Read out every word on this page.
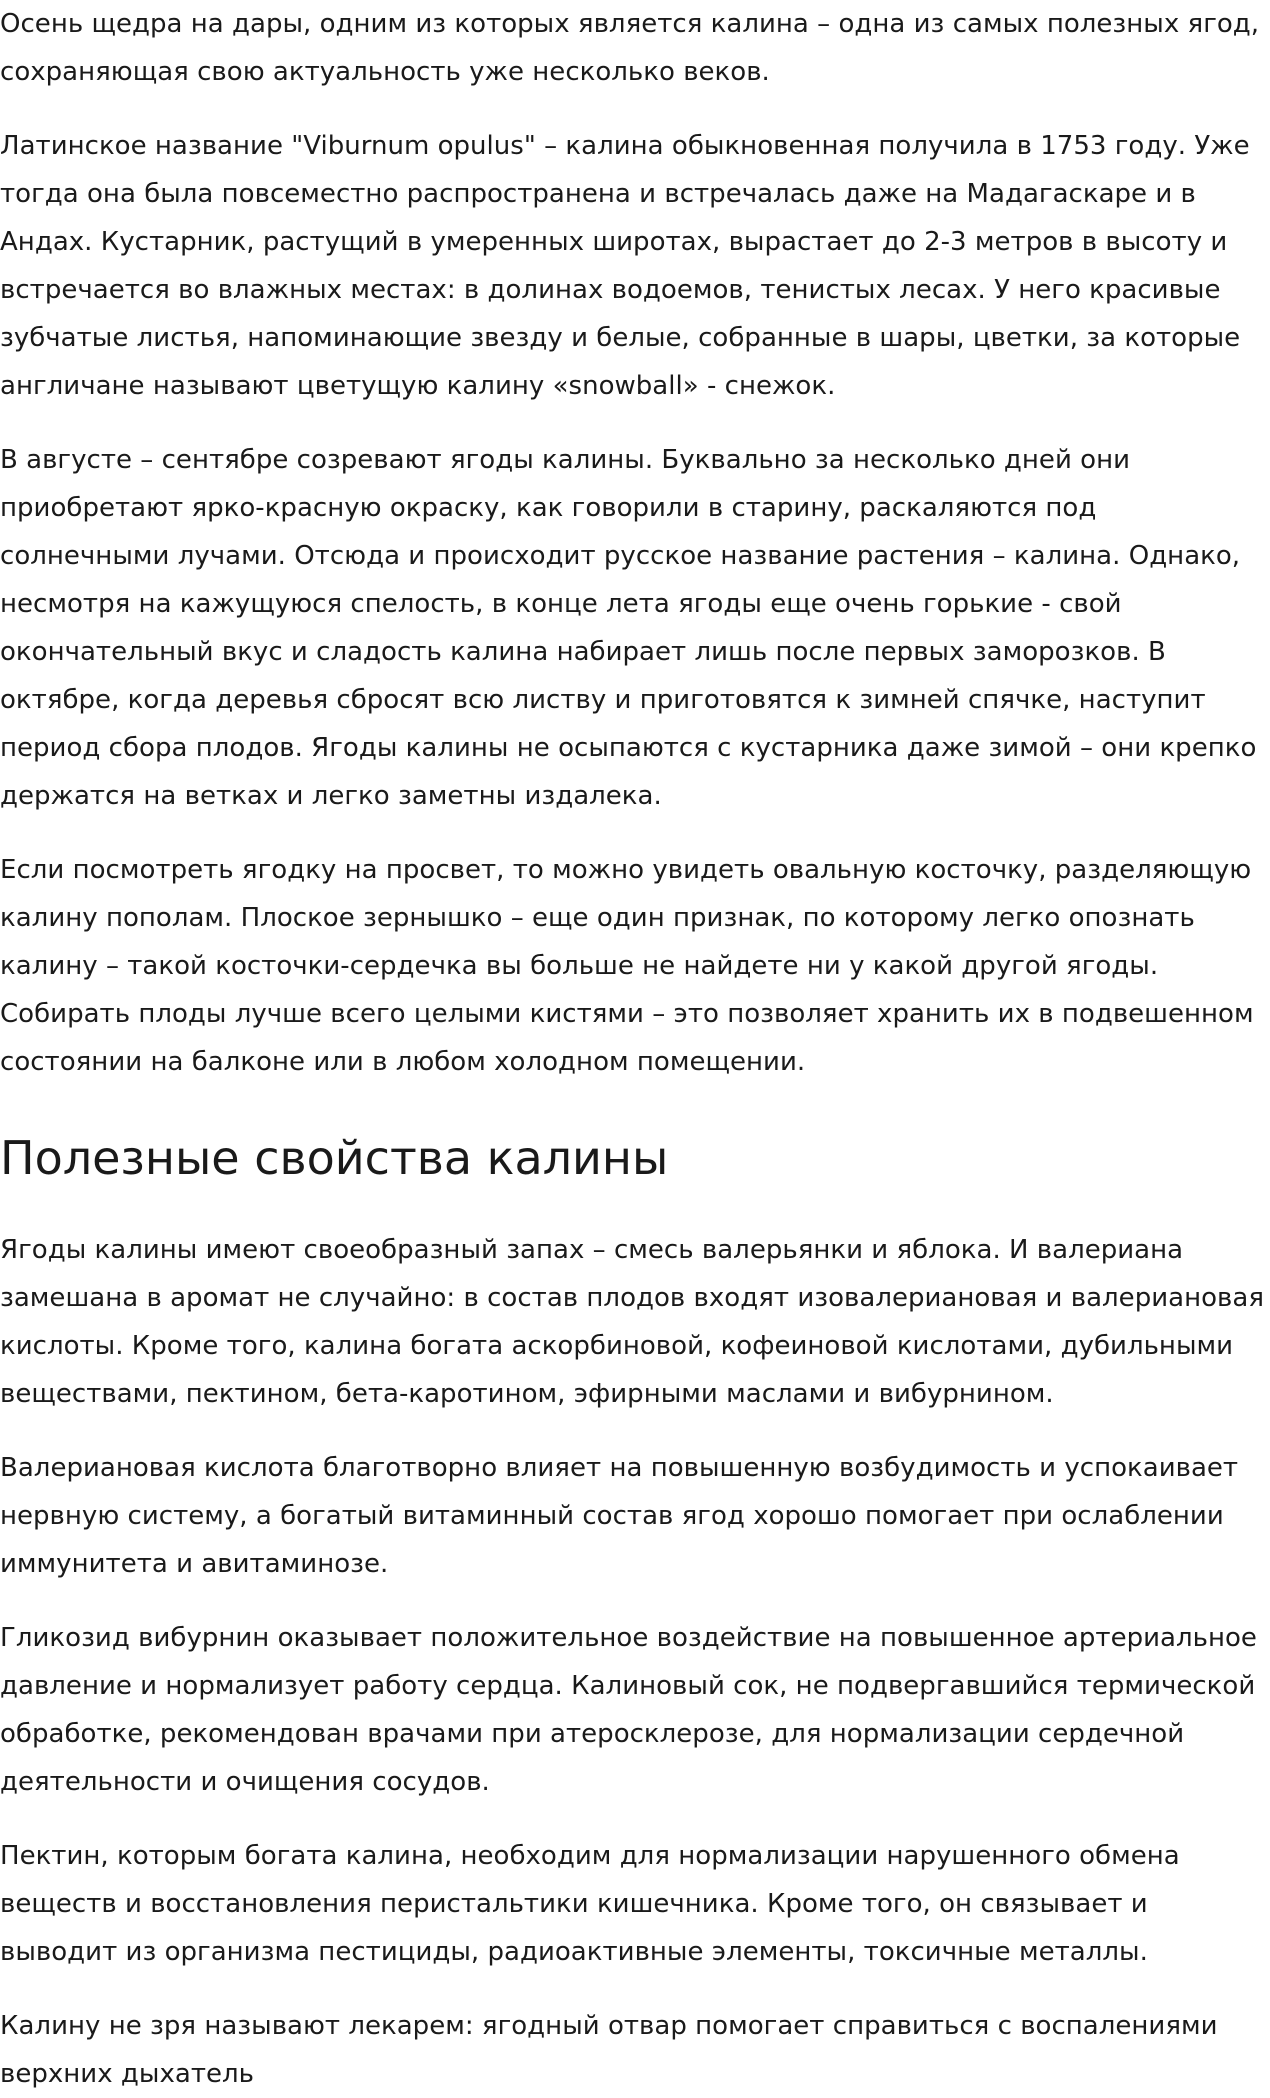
Осень щедра на дары, одним из которых является калина – одна из самых полезных ягод, сохраняющая свою актуальность уже несколько веков.

Латинское название "Viburnum opulus" – калина обыкновенная получила в 1753 году. Уже тогда она была повсеместно распространена и встречалась даже на Мадагаскаре и в Андах. Кустарник, растущий в умеренных широтах, вырастает до 2-3 метров в высоту и встречается во влажных местах: в долинах водоемов, тенистых лесах. У него красивые зубчатые листья, напоминающие звезду и белые, собранные в шары, цветки, за которые англичане называют цветущую калину «snowball» - снежок.

В августе – сентябре созревают ягоды калины. Буквально за несколько дней они приобретают ярко-красную окраску, как говорили в старину, раскаляются под солнечными лучами. Отсюда и происходит русское название растения – калина. Однако, несмотря на кажущуюся спелость, в конце лета ягоды еще очень горькие - свой окончательный вкус и сладость калина набирает лишь после первых заморозков. В октябре, когда деревья сбросят всю листву и приготовятся к зимней спячке, наступит период сбора плодов. Ягоды калины не осыпаются с кустарника даже зимой – они крепко держатся на ветках и легко заметны издалека.

Если посмотреть ягодку на просвет, то можно увидеть овальную косточку, разделяющую калину пополам. Плоское зернышко – еще один признак, по которому легко опознать калину – такой косточки-сердечка вы больше не найдете ни у какой другой ягоды. Собирать плоды лучше всего целыми кистями – это позволяет хранить их в подвешенном состоянии на балконе или в любом холодном помещении.

Полезные свойства калины

Ягоды калины имеют своеобразный запах – смесь валерьянки и яблока. И валериана замешана в аромат не случайно: в состав плодов входят изовалериановая и валериановая кислоты. Кроме того, калина богата аскорбиновой, кофеиновой кислотами, дубильными веществами, пектином, бета-каротином, эфирными маслами и вибурнином.

Валериановая кислота благотворно влияет на повышенную возбудимость и успокаивает нервную систему, а богатый витаминный состав ягод хорошо помогает при ослаблении иммунитета и авитаминозе.

Гликозид вибурнин оказывает положительное воздействие на повышенное артериальное давление и нормализует работу сердца. Калиновый сок, не подвергавшийся термической обработке, рекомендован врачами при атеросклерозе, для нормализации сердечной деятельности и очищения сосудов.

Пектин, которым богата калина, необходим для нормализации нарушенного обмена веществ и восстановления перистальтики кишечника. Кроме того, он связывает и выводит из организма пестициды, радиоактивные элементы, токсичные металлы.

Калину не зря называют лекарем: ягодный отвар помогает справиться с воспалениями верхних дыхатель
